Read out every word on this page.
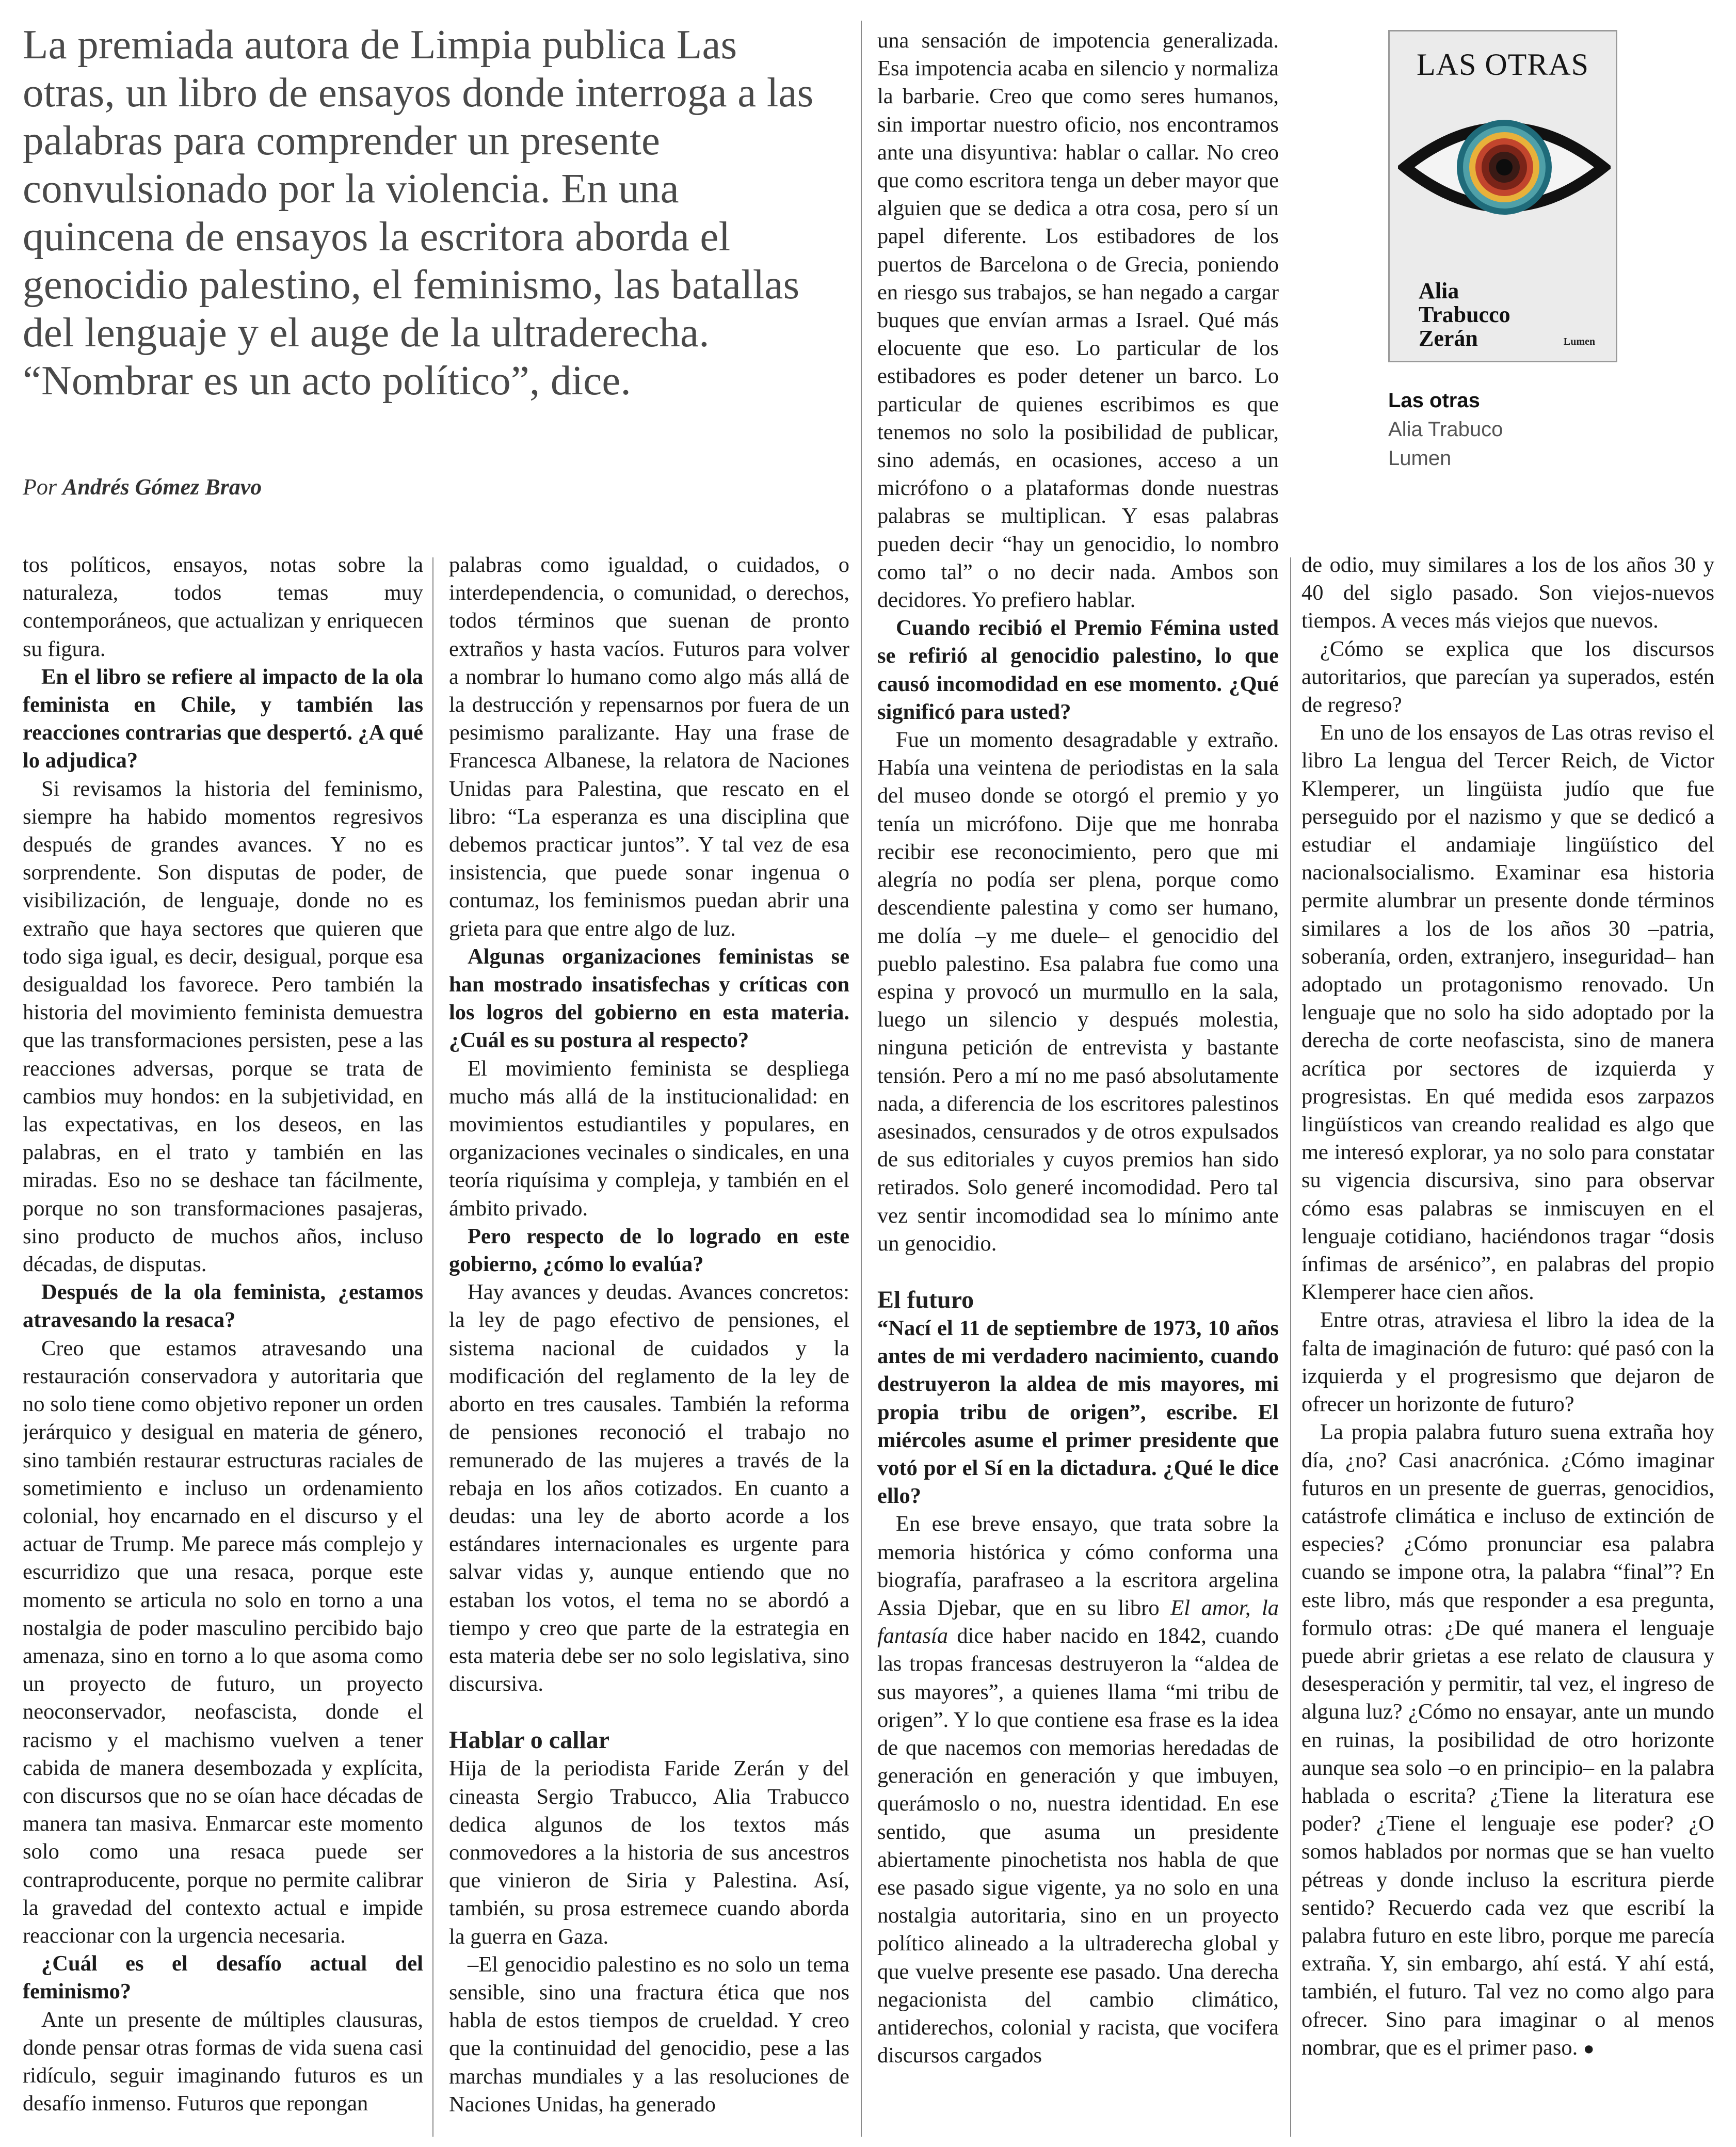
La premiada autora de Limpia publica Las otras, un libro de ensayos donde interroga a las palabras para comprender un presente convulsionado por la violencia. En una quincena de ensayos la escritora aborda el genocidio palestino, el feminismo, las batallas del lenguaje y el auge de la ultraderecha. “Nombrar es un acto político”, dice.

Por Andrés Gómez Bravo
LAS OTRAS
Alia
Trabucco
Zerán	Lumen
Las otras
Alia Trabuco
Lumen

tos políticos, ensayos, notas sobre la naturaleza, todos temas muy contemporáneos, que actualizan y enriquecen su figura.

En el libro se refiere al impacto de la ola feminista en Chile, y también las reacciones contrarias que despertó. ¿A qué lo adjudica?

Si revisamos la historia del feminismo, siempre ha habido momentos regresivos después de grandes avances. Y no es sorprendente. Son disputas de poder, de visibilización, de lenguaje, donde no es extraño que haya sectores que quieren que todo siga igual, es decir, desigual, porque esa desigualdad los favorece. Pero también la historia del movimiento feminista demuestra que las transformaciones persisten, pese a las reacciones adversas, porque se trata de cambios muy hondos: en la subjetividad, en las expectativas, en los deseos, en las palabras, en el trato y también en las miradas. Eso no se deshace tan fácilmente, porque no son transformaciones pasajeras, sino producto de muchos años, incluso décadas, de disputas.

Después de la ola feminista, ¿estamos atravesando la resaca?

Creo que estamos atravesando una restauración conservadora y autoritaria que no solo tiene como objetivo reponer un orden jerárquico y desigual en materia de género, sino también restaurar estructuras raciales de sometimiento e incluso un ordenamiento colonial, hoy encarnado en el discurso y el actuar de Trump. Me parece más complejo y escurridizo que una resaca, porque este momento se articula no solo en torno a una nostalgia de poder masculino percibido bajo amenaza, sino en torno a lo que asoma como un proyecto de futuro, un proyecto neoconservador, neofascista, donde el racismo y el machismo vuelven a tener cabida de manera desembozada y explícita, con discursos que no se oían hace décadas de manera tan masiva. Enmarcar este momento solo como una resaca puede ser contraproducente, porque no permite calibrar la gravedad del contexto actual e impide reaccionar con la urgencia necesaria.

¿Cuál es el desafío actual del feminismo?

Ante un presente de múltiples clausuras, donde pensar otras formas de vida suena casi ridículo, seguir imaginando futuros es un desafío inmenso. Futuros que repongan

palabras como igualdad, o cuidados, o interdependencia, o comunidad, o derechos, todos términos que suenan de pronto extraños y hasta vacíos. Futuros para volver a nombrar lo humano como algo más allá de la destrucción y repensarnos por fuera de un pesimismo paralizante. Hay una frase de Francesca Albanese, la relatora de Naciones Unidas para Palestina, que rescato en el libro: “La esperanza es una disciplina que debemos practicar juntos”. Y tal vez de esa insistencia, que puede sonar ingenua o contumaz, los feminismos puedan abrir una grieta para que entre algo de luz.

Algunas organizaciones feministas se han mostrado insatisfechas y críticas con los logros del gobierno en esta materia. ¿Cuál es su postura al respecto?

El movimiento feminista se despliega mucho más allá de la institucionalidad: en movimientos estudiantiles y populares, en organizaciones vecinales o sindicales, en una teoría riquísima y compleja, y también en el ámbito privado.

Pero respecto de lo logrado en este gobierno, ¿cómo lo evalúa?

Hay avances y deudas. Avances concretos: la ley de pago efectivo de pensiones, el sistema nacional de cuidados y la modificación del reglamento de la ley de aborto en tres causales. También la reforma de pensiones reconoció el trabajo no remunerado de las mujeres a través de la rebaja en los años cotizados. En cuanto a deudas: una ley de aborto acorde a los estándares internacionales es urgente para salvar vidas y, aunque entiendo que no estaban los votos, el tema no se abordó a tiempo y creo que parte de la estrategia en esta materia debe ser no solo legislativa, sino discursiva.

Hablar o callar

Hija de la periodista Faride Zerán y del cineasta Sergio Trabucco, Alia Trabucco dedica algunos de los textos más conmovedores a la historia de sus ancestros que vinieron de Siria y Palestina. Así, también, su prosa estremece cuando aborda la guerra en Gaza.

–El genocidio palestino es no solo un tema sensible, sino una fractura ética que nos habla de estos tiempos de crueldad. Y creo que la continuidad del genocidio, pese a las marchas mundiales y a las resoluciones de Naciones Unidas, ha generado

una sensación de impotencia generalizada. Esa impotencia acaba en silencio y normaliza la barbarie. Creo que como seres humanos, sin importar nuestro oficio, nos encontramos ante una disyuntiva: hablar o callar. No creo que como escritora tenga un deber mayor que alguien que se dedica a otra cosa, pero sí un papel diferente. Los estibadores de los puertos de Barcelona o de Grecia, poniendo en riesgo sus trabajos, se han negado a cargar buques que envían armas a Israel. Qué más elocuente que eso. Lo particular de los estibadores es poder detener un barco. Lo particular de quienes escribimos es que tenemos no solo la posibilidad de publicar, sino además, en ocasiones, acceso a un micrófono o a plataformas donde nuestras palabras se multiplican. Y esas palabras pueden decir “hay un genocidio, lo nombro como tal” o no decir nada. Ambos son decidores. Yo prefiero hablar.

Cuando recibió el Premio Fémina usted se refirió al genocidio palestino, lo que causó incomodidad en ese momento. ¿Qué significó para usted?

Fue un momento desagradable y extraño. Había una veintena de periodistas en la sala del museo donde se otorgó el premio y yo tenía un micrófono. Dije que me honraba recibir ese reconocimiento, pero que mi alegría no podía ser plena, porque como descendiente palestina y como ser humano, me dolía –y me duele– el genocidio del pueblo palestino. Esa palabra fue como una espina y provocó un murmullo en la sala, luego un silencio y después molestia, ninguna petición de entrevista y bastante tensión. Pero a mí no me pasó absolutamente nada, a diferencia de los escritores palestinos asesinados, censurados y de otros expulsados de sus editoriales y cuyos premios han sido retirados. Solo generé incomodidad. Pero tal vez sentir incomodidad sea lo mínimo ante un genocidio.

El futuro

“Nací el 11 de septiembre de 1973, 10 años antes de mi verdadero nacimiento, cuando destruyeron la aldea de mis mayores, mi propia tribu de origen”, escribe. El miércoles asume el primer presidente que votó por el Sí en la dictadura. ¿Qué le dice ello?

En ese breve ensayo, que trata sobre la memoria histórica y cómo conforma una biografía, parafraseo a la escritora argelina Assia Djebar, que en su libro El amor, la fantasía dice haber nacido en 1842, cuando las tropas francesas destruyeron la “aldea de sus mayores”, a quienes llama “mi tribu de origen”. Y lo que contiene esa frase es la idea de que nacemos con memorias heredadas de generación en generación y que imbuyen, querámoslo o no, nuestra identidad. En ese sentido, que asuma un presidente abiertamente pinochetista nos habla de que ese pasado sigue vigente, ya no solo en una nostalgia autoritaria, sino en un proyecto político alineado a la ultraderecha global y que vuelve presente ese pasado. Una derecha negacionista del cambio climático, antiderechos, colonial y racista, que vocifera discursos cargados

de odio, muy similares a los de los años 30 y 40 del siglo pasado. Son viejos-nuevos tiempos. A veces más viejos que nuevos.

¿Cómo se explica que los discursos autoritarios, que parecían ya superados, estén de regreso?

En uno de los ensayos de Las otras reviso el libro La lengua del Tercer Reich, de Victor Klemperer, un lingüista judío que fue perseguido por el nazismo y que se dedicó a estudiar el andamiaje lingüístico del nacionalsocialismo. Examinar esa historia permite alumbrar un presente donde términos similares a los de los años 30 –patria, soberanía, orden, extranjero, inseguridad– han adoptado un protagonismo renovado. Un lenguaje que no solo ha sido adoptado por la derecha de corte neofascista, sino de manera acrítica por sectores de izquierda y progresistas. En qué medida esos zarpazos lingüísticos van creando realidad es algo que me interesó explorar, ya no solo para constatar su vigencia discursiva, sino para observar cómo esas palabras se inmiscuyen en el lenguaje cotidiano, haciéndonos tragar “dosis ínfimas de arsénico”, en palabras del propio Klemperer hace cien años.

Entre otras, atraviesa el libro la idea de la falta de imaginación de futuro: qué pasó con la izquierda y el progresismo que dejaron de ofrecer un horizonte de futuro?

La propia palabra futuro suena extraña hoy día, ¿no? Casi anacrónica. ¿Cómo imaginar futuros en un presente de guerras, genocidios, catástrofe climática e incluso de extinción de especies? ¿Cómo pronunciar esa palabra cuando se impone otra, la palabra “final”? En este libro, más que responder a esa pregunta, formulo otras: ¿De qué manera el lenguaje puede abrir grietas a ese relato de clausura y desesperación y permitir, tal vez, el ingreso de alguna luz? ¿Cómo no ensayar, ante un mundo en ruinas, la posibilidad de otro horizonte aunque sea solo –o en principio– en la palabra hablada o escrita? ¿Tiene la literatura ese poder? ¿Tiene el lenguaje ese poder? ¿O somos hablados por normas que se han vuelto pétreas y donde incluso la escritura pierde sentido? Recuerdo cada vez que escribí la palabra futuro en este libro, porque me parecía extraña. Y, sin embargo, ahí está. Y ahí está, también, el futuro. Tal vez no como algo para ofrecer. Sino para imaginar o al menos nombrar, que es el primer paso. ●
